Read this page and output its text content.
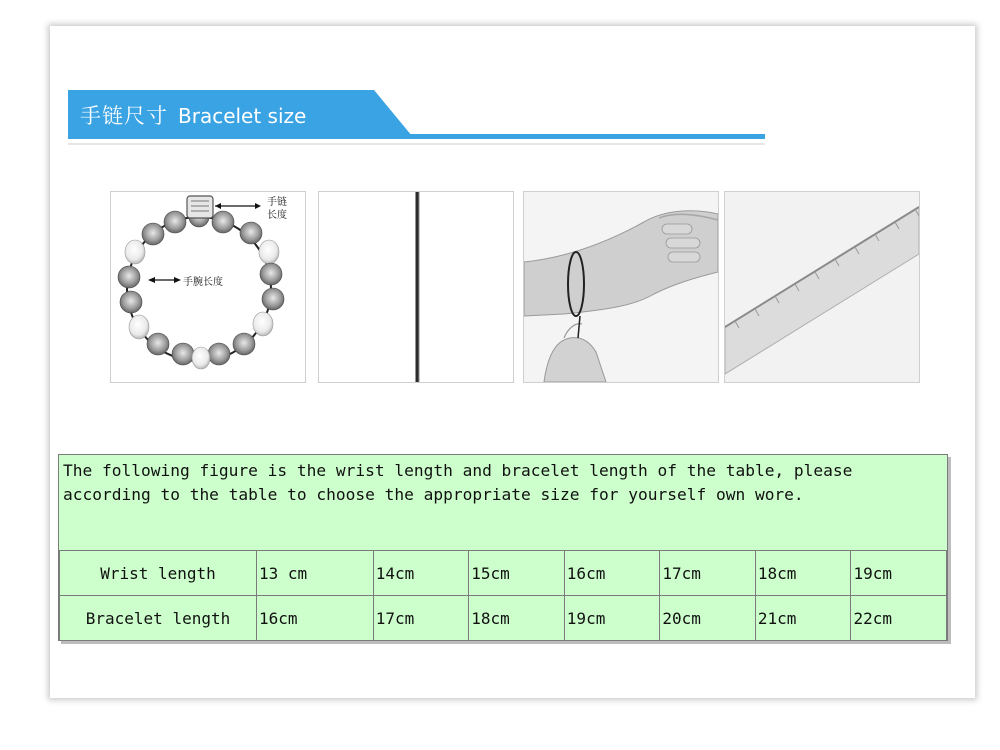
手链尺寸 Bracelet size
手链
长度
手腕长度
The following figure is the wrist length and bracelet length of the table, please according to the table to choose the appropriate size for yourself own wore.
Wrist length	13 cm	14cm	15cm	16cm	17cm	18cm	19cm
Bracelet length	16cm	17cm	18cm	19cm	20cm	21cm	22cm
